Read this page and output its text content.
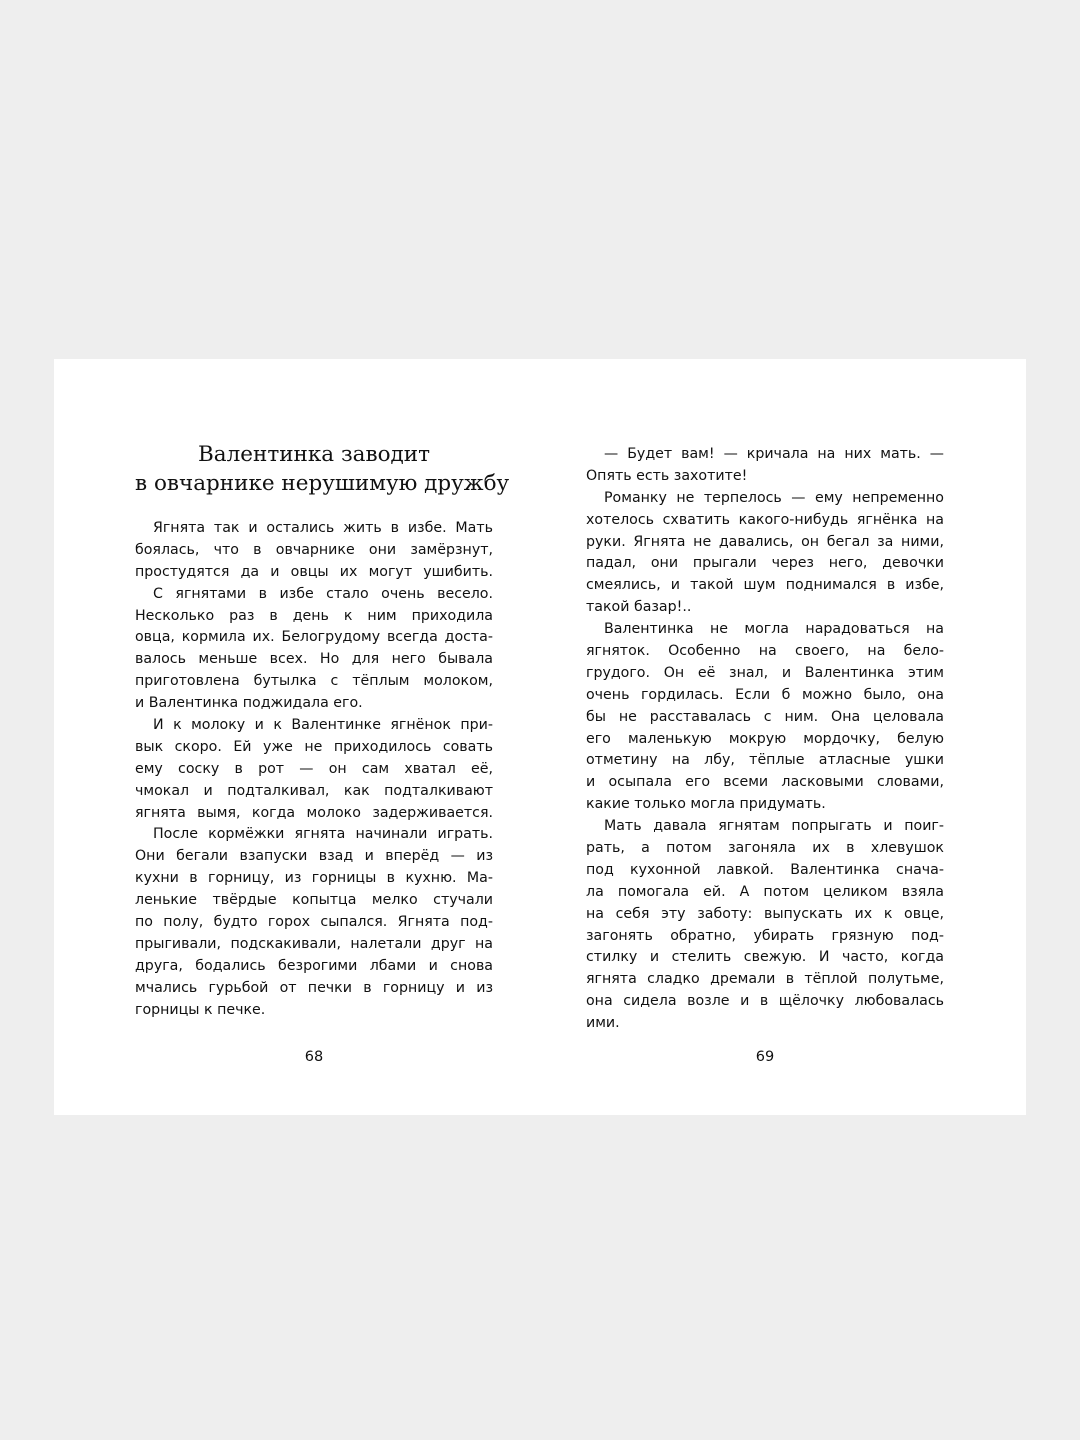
Валентинка заводит
в овчарнике нерушимую дружбу
Ягнята так и остались жить в избе. Мать
боялась, что в овчарнике они замёрзнут,
простудятся да и овцы их могут ушибить.
С ягнятами в избе стало очень весело.
Несколько раз в день к ним приходила
овца, кормила их. Белогрудому всегда доста-
валось меньше всех. Но для него бывала
приготовлена бутылка с тёплым молоком,
и Валентинка поджидала его.
И к молоку и к Валентинке ягнёнок при-
вык скоро. Ей уже не приходилось совать
ему соску в рот — он сам хватал её,
чмокал и подталкивал, как подталкивают
ягнята вымя, когда молоко задерживается.
После кормёжки ягнята начинали играть.
Они бегали взапуски взад и вперёд — из
кухни в горницу, из горницы в кухню. Ма-
ленькие твёрдые копытца мелко стучали
по полу, будто горох сыпался. Ягнята под-
прыгивали, подскакивали, налетали друг на
друга, бодались безрогими лбами и снова
мчались гурьбой от печки в горницу и из
горницы к печке.
68
— Будет вам! — кричала на них мать. —
Опять есть захотите!
Романку не терпелось — ему непременно
хотелось схватить какого-нибудь ягнёнка на
руки. Ягнята не давались, он бегал за ними,
падал, они прыгали через него, девочки
смеялись, и такой шум поднимался в избе,
такой базар!..
Валентинка не могла нарадоваться на
ягняток. Особенно на своего, на бело-
грудого. Он её знал, и Валентинка этим
очень гордилась. Если б можно было, она
бы не расставалась с ним. Она целовала
его маленькую мокрую мордочку, белую
отметину на лбу, тёплые атласные ушки
и осыпала его всеми ласковыми словами,
какие только могла придумать.
Мать давала ягнятам попрыгать и поиг-
рать, а потом загоняла их в хлевушок
под кухонной лавкой. Валентинка снача-
ла помогала ей. А потом целиком взяла
на себя эту заботу: выпускать их к овце,
загонять обратно, убирать грязную под-
стилку и стелить свежую. И часто, когда
ягнята сладко дремали в тёплой полутьме,
она сидела возле и в щёлочку любовалась
ими.
69
